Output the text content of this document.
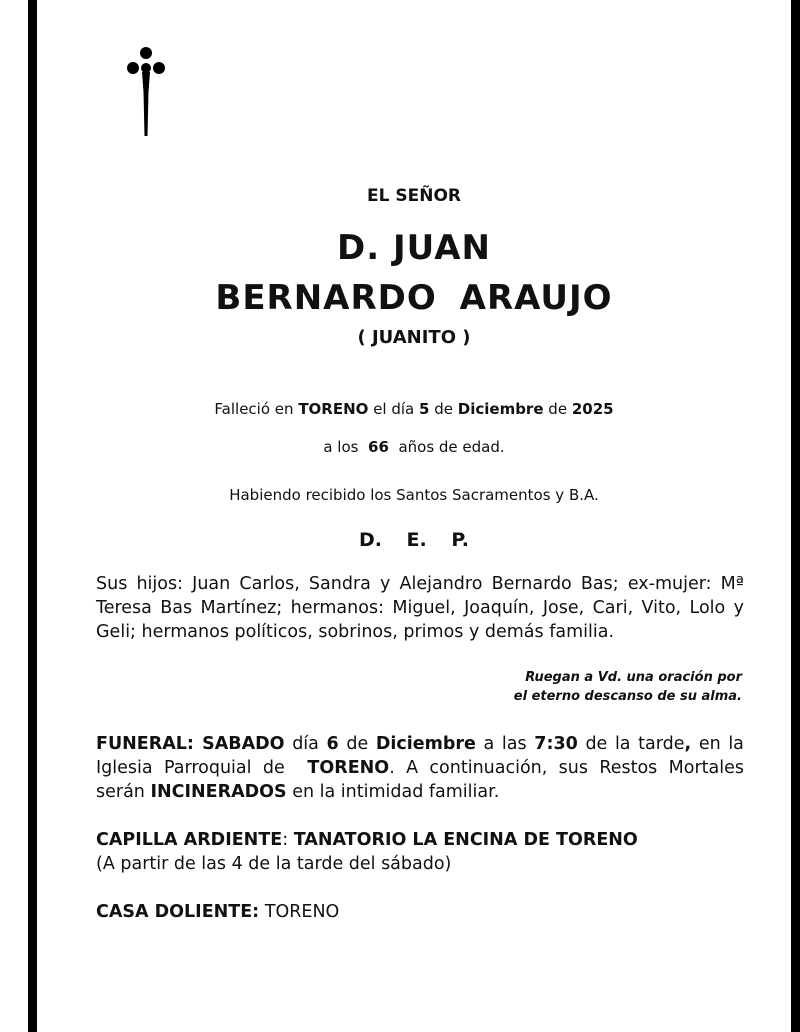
EL SEÑOR
D. JUAN
BERNARDO ARAUJO
( JUANITO )
Falleció en TORENO el día 5 de Diciembre de 2025
a los 66 años de edad.
Habiendo recibido los Santos Sacramentos y B.A.
D. E. P.
Sus hijos: Juan Carlos, Sandra y Alejandro Bernardo Bas; ex-mujer: Mª Teresa Bas Martínez; hermanos: Miguel, Joaquín, Jose, Cari, Vito, Lolo y Geli; hermanos políticos, sobrinos, primos y demás familia.
Ruegan a Vd. una oración por
el eterno descanso de su alma.
FUNERAL: SABADO día 6 de Diciembre a las 7:30 de la tarde, en la Iglesia Parroquial de TORENO. A continuación, sus Restos Mortales serán INCINERADOS en la intimidad familiar.
CAPILLA ARDIENTE: TANATORIO LA ENCINA DE TORENO
(A partir de las 4 de la tarde del sábado)
CASA DOLIENTE: TORENO
